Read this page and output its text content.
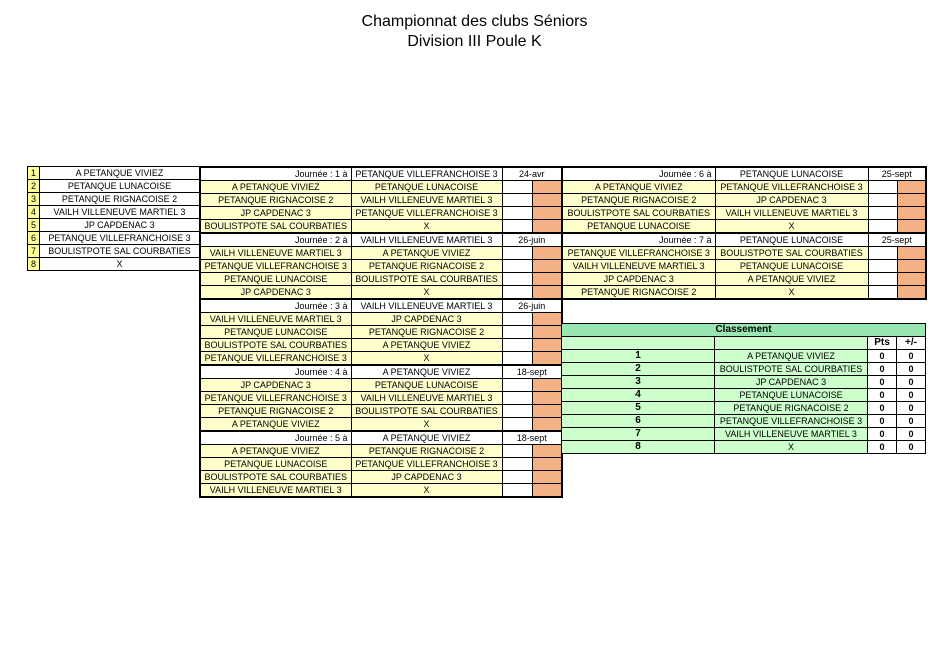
Championnat des clubs Séniors
Division III Poule K
1	A PETANQUE VIVIEZ
2	PETANQUE LUNACOISE
3	PETANQUE RIGNACOISE 2
4	VAILH VILLENEUVE MARTIEL 3
5	JP CAPDENAC 3
6	PETANQUE VILLEFRANCHOISE 3
7	BOULISTPOTE SAL COURBATIES
8	X
Journée : 1 à	PETANQUE VILLEFRANCHOISE 3	24-avr	
A PETANQUE VIVIEZ	PETANQUE LUNACOISE		
PETANQUE RIGNACOISE 2	VAILH VILLENEUVE MARTIEL 3		
JP CAPDENAC 3	PETANQUE VILLEFRANCHOISE 3		
BOULISTPOTE SAL COURBATIES	X		
Journée : 2 à	VAILH VILLENEUVE MARTIEL 3	26-juin	
VAILH VILLENEUVE MARTIEL 3	A PETANQUE VIVIEZ		
PETANQUE VILLEFRANCHOISE 3	PETANQUE RIGNACOISE 2		
PETANQUE LUNACOISE	BOULISTPOTE SAL COURBATIES		
JP CAPDENAC 3	X		
Journée : 3 à	VAILH VILLENEUVE MARTIEL 3	26-juin	
VAILH VILLENEUVE MARTIEL 3	JP CAPDENAC 3		
PETANQUE LUNACOISE	PETANQUE RIGNACOISE 2		
BOULISTPOTE SAL COURBATIES	A PETANQUE VIVIEZ		
PETANQUE VILLEFRANCHOISE 3	X		
Journée : 4 à	A PETANQUE VIVIEZ	18-sept	
JP CAPDENAC 3	PETANQUE LUNACOISE		
PETANQUE VILLEFRANCHOISE 3	VAILH VILLENEUVE MARTIEL 3		
PETANQUE RIGNACOISE 2	BOULISTPOTE SAL COURBATIES		
A PETANQUE VIVIEZ	X		
Journée : 5 à	A PETANQUE VIVIEZ	18-sept	
A PETANQUE VIVIEZ	PETANQUE RIGNACOISE 2		
PETANQUE LUNACOISE	PETANQUE VILLEFRANCHOISE 3		
BOULISTPOTE SAL COURBATIES	JP CAPDENAC 3		
VAILH VILLENEUVE MARTIEL 3	X		
Journée : 6 à	PETANQUE LUNACOISE	25-sept	
A PETANQUE VIVIEZ	PETANQUE VILLEFRANCHOISE 3		
PETANQUE RIGNACOISE 2	JP CAPDENAC 3		
BOULISTPOTE SAL COURBATIES	VAILH VILLENEUVE MARTIEL 3		
PETANQUE LUNACOISE	X		
Journée : 7 à	PETANQUE LUNACOISE	25-sept	
PETANQUE VILLEFRANCHOISE 3	BOULISTPOTE SAL COURBATIES		
VAILH VILLENEUVE MARTIEL 3	PETANQUE LUNACOISE		
JP CAPDENAC 3	A PETANQUE VIVIEZ		
PETANQUE RIGNACOISE 2	X		
Classement			
		Pts	+/-
1	A PETANQUE VIVIEZ	0	0
2	BOULISTPOTE SAL COURBATIES	0	0
3	JP CAPDENAC 3	0	0
4	PETANQUE LUNACOISE	0	0
5	PETANQUE RIGNACOISE 2	0	0
6	PETANQUE VILLEFRANCHOISE 3	0	0
7	VAILH VILLENEUVE MARTIEL 3	0	0
8	X	0	0
